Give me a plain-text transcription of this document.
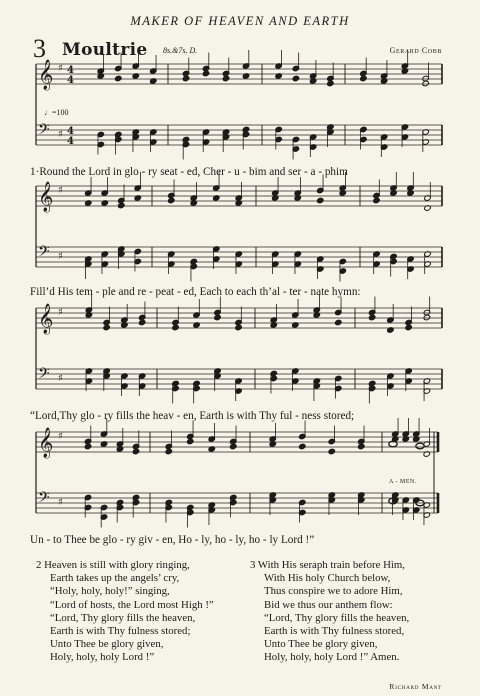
MAKER OF HEAVEN AND EARTH
3 Moultrie 8s.&7s. D.	Gerard Cobb
♩=100
𝄞 ♯ 4
4
𝄢 ♯ 4
4
𝄞 ♯
𝄢 ♯
𝄞 ♯
𝄢 ♯
𝄞 ♯
𝄢 ♯
1·Round the Lord in glo - ry seat - ed, Cher - u - bim and ser - a - phim
Fill’d His tem - ple and re - peat - ed, Each to each th’al - ter - nate hymn:
“Lord,Thy glo - ry fills the heav - en, Earth is with Thy ful - ness stored;
Un - to Thee be glo - ry giv - en, Ho - ly, ho - ly, ho - ly Lord !”
A - MEN.
2 Heaven is still with glory ringing,
Earth takes up the angels’ cry,
“Holy, holy, holy!” singing,
“Lord of hosts, the Lord most High !”
“Lord, Thy glory fills the heaven,
Earth is with Thy fulness stored;
Unto Thee be glory given,
Holy, holy, holy Lord !”
3 With His seraph train before Him,
With His holy Church below,
Thus conspire we to adore Him,
Bid we thus our anthem flow:
“Lord, Thy glory fills the heaven,
Earth is with Thy fulness stored,
Unto Thee be glory given,
Holy, holy, holy Lord !” Amen.
Richard Mant
